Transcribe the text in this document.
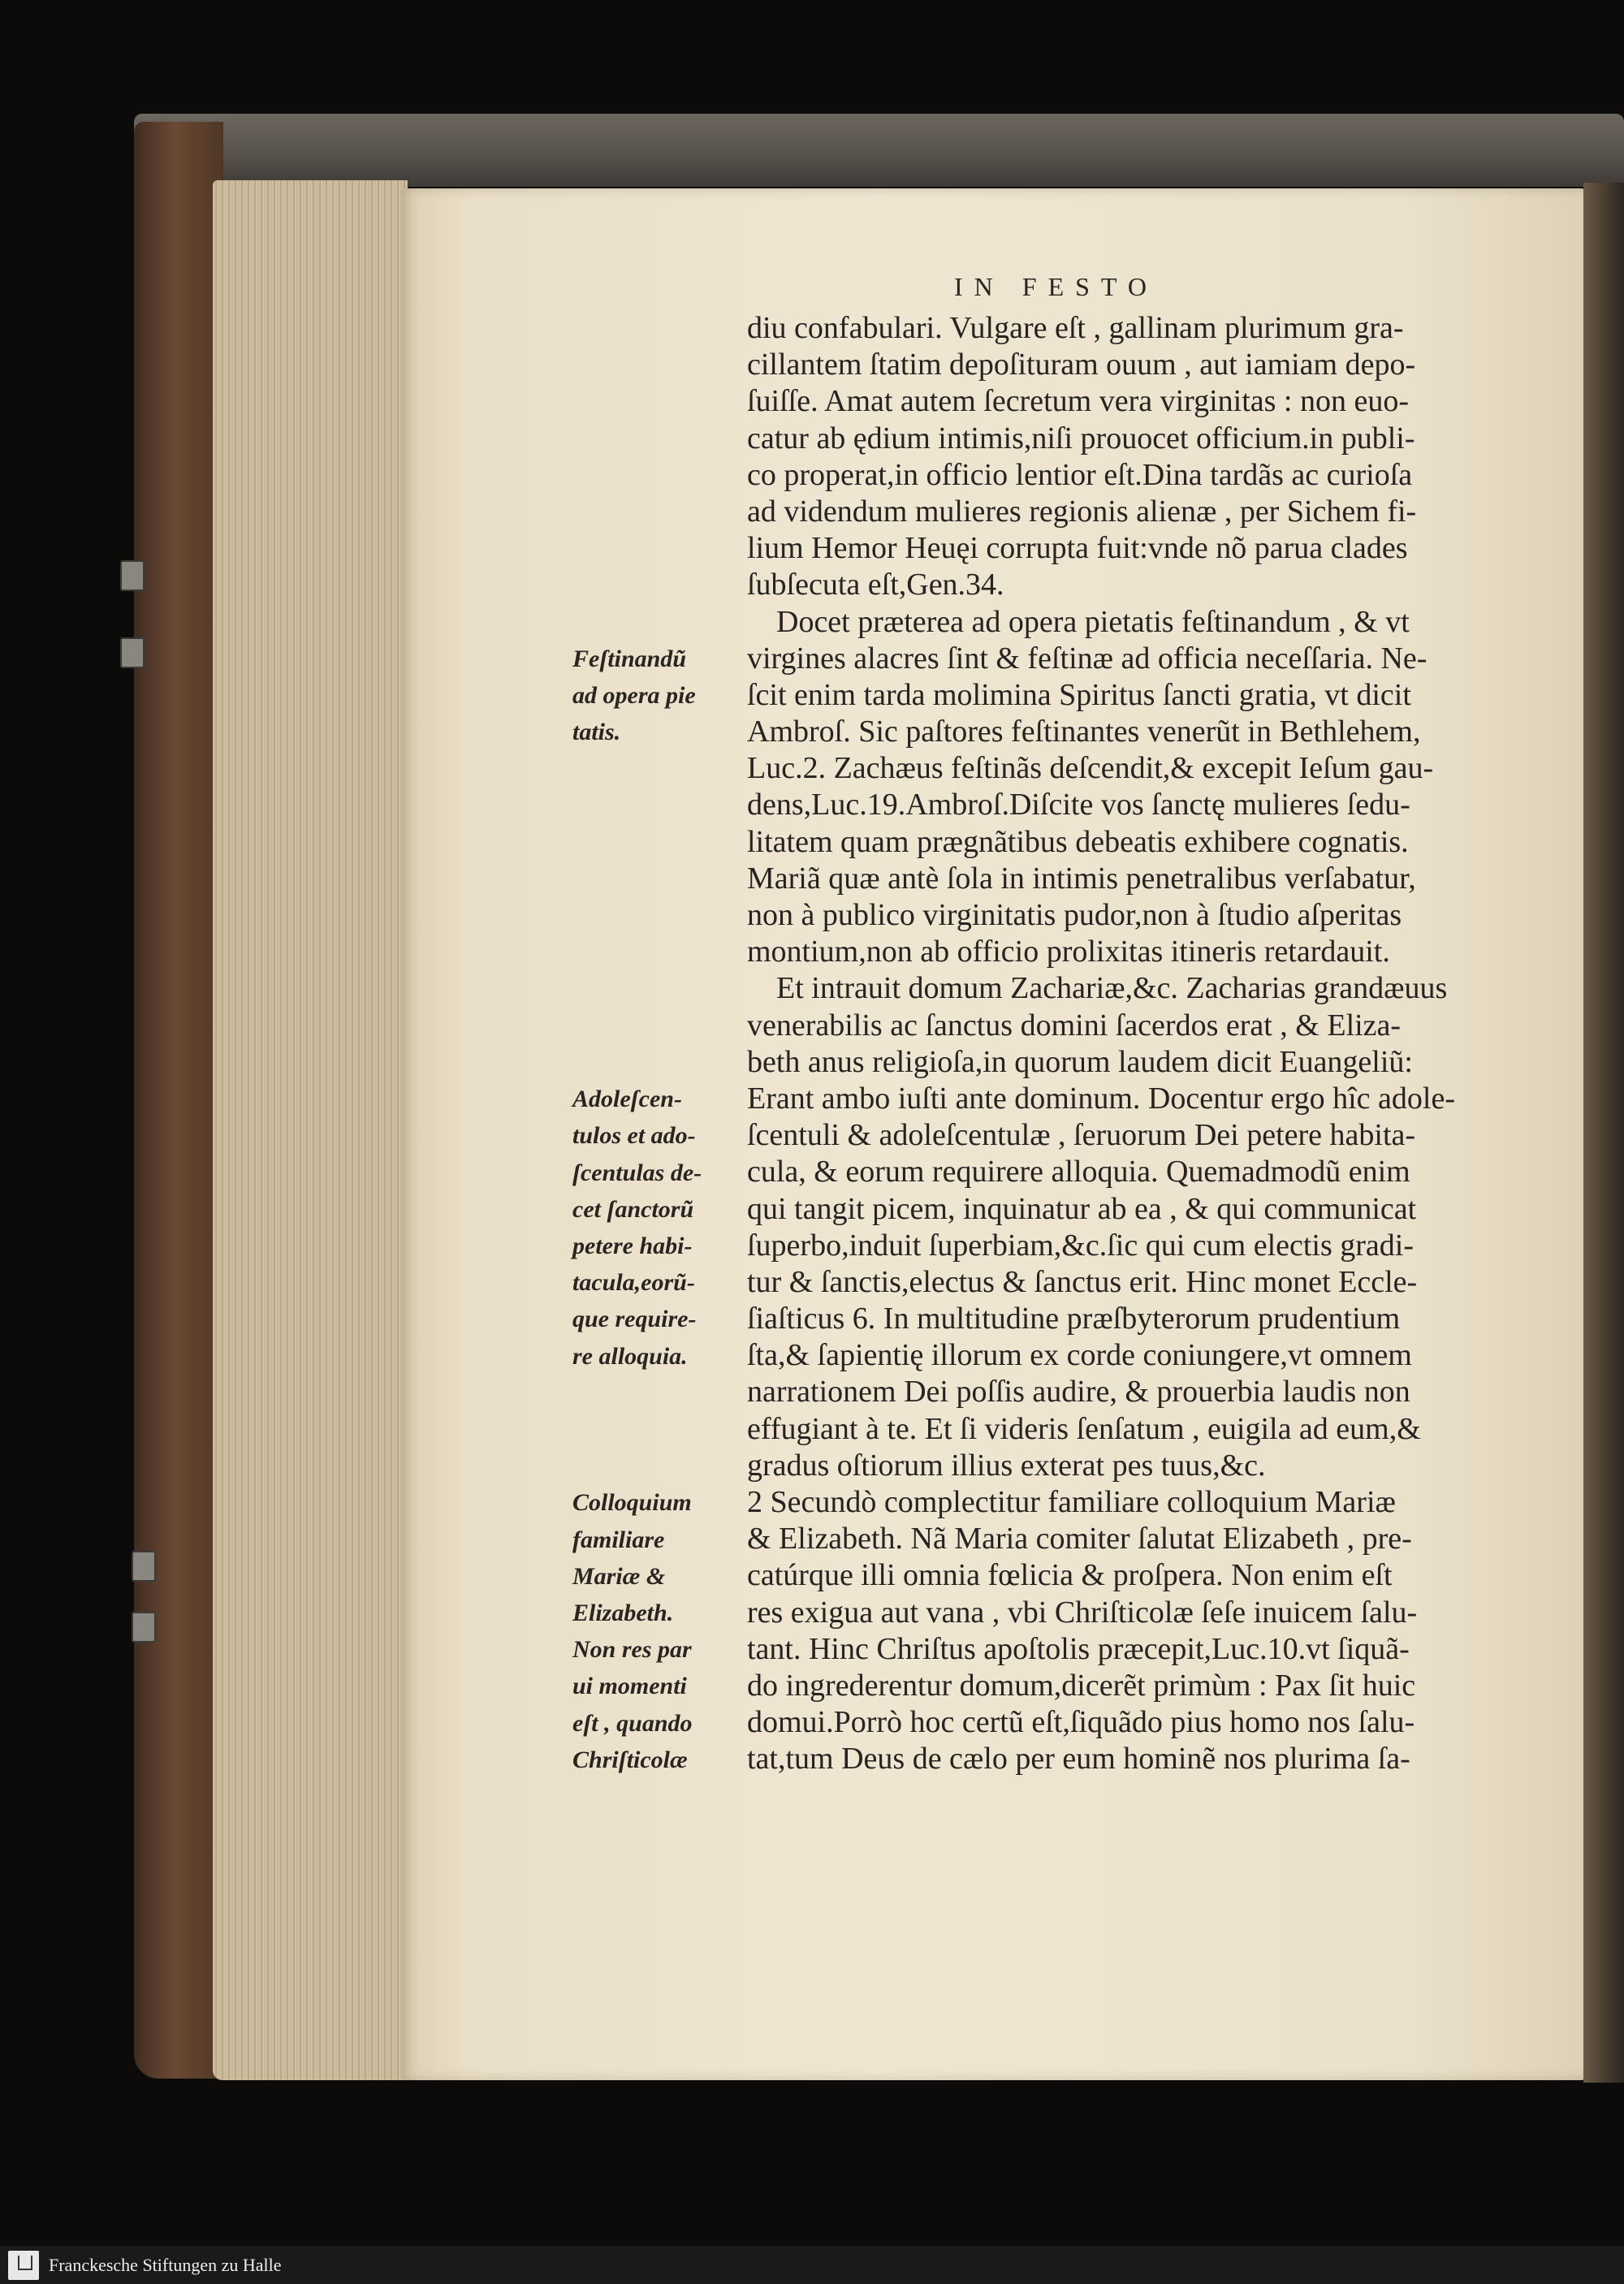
IN FESTO
diu confabulari. Vulgare eſt , gallinam plurimum gra-
cillantem ſtatim depoſituram ouum , aut iamiam depo-
ſuiſſe. Amat autem ſecretum vera virginitas : non euo-
catur ab ędium intimis,niſi prouocet officium.in publi-
co properat,in officio lentior eſt.Dina tardãs ac curioſa
ad videndum mulieres regionis alienæ , per Sichem fi-
lium Hemor Heuęi corrupta fuit:vnde nõ parua clades
ſubſecuta eſt,Gen.34.
Docet præterea ad opera pietatis feſtinandum , & vt
virgines alacres ſint & feſtinæ ad officia neceſſaria. Ne-
ſcit enim tarda molimina Spiritus ſancti gratia, vt dicit
Ambroſ. Sic paſtores feſtinantes venerũt in Bethlehem,
Luc.2. Zachæus feſtinãs deſcendit,& excepit Ieſum gau-
dens,Luc.19.Ambroſ.Diſcite vos ſanctę mulieres ſedu-
litatem quam prægnãtibus debeatis exhibere cognatis.
Mariã quæ antè ſola in intimis penetralibus verſabatur,
non à publico virginitatis pudor,non à ſtudio aſperitas
montium,non ab officio prolixitas itineris retardauit.
Et intrauit domum Zachariæ,&c. Zacharias grandæuus
venerabilis ac ſanctus domini ſacerdos erat , & Eliza-
beth anus religioſa,in quorum laudem dicit Euangeliũ:
Erant ambo iuſti ante dominum. Docentur ergo hîc adole-
ſcentuli & adoleſcentulæ , ſeruorum Dei petere habita-
cula, & eorum requirere alloquia. Quemadmodũ enim
qui tangit picem, inquinatur ab ea , & qui communicat
ſuperbo,induit ſuperbiam,&c.ſic qui cum electis gradi-
tur & ſanctis,electus & ſanctus erit. Hinc monet Eccle-
ſiaſticus 6. In multitudine præſbyterorum prudentium
ſta,& ſapientię illorum ex corde coniungere,vt omnem
narrationem Dei poſſis audire, & prouerbia laudis non
effugiant à te. Et ſi videris ſenſatum , euigila ad eum,&
gradus oſtiorum illius exterat pes tuus,&c.
2 Secundò complectitur familiare colloquium Mariæ
& Elizabeth. Nã Maria comiter ſalutat Elizabeth , pre-
catúrque illi omnia fœlicia & proſpera. Non enim eſt
res exigua aut vana , vbi Chriſticolæ ſeſe inuicem ſalu-
tant. Hinc Chriſtus apoſtolis præcepit,Luc.10.vt ſiquã-
do ingrederentur domum,dicerẽt primùm : Pax ſit huic
domui.Porrò hoc certũ eſt,ſiquãdo pius homo nos ſalu-
tat,tum Deus de cælo per eum hominẽ nos plurima ſa-
Feſtinandũ
ad opera pie
tatis.
Adoleſcen-
tulos et ado-
ſcentulas de-
cet ſanctorũ
petere habi-
tacula,eorũ-
que require-
re alloquia.
Colloquium
familiare
Mariæ &
Elizabeth.
Non res par
ui momenti
eſt , quando
Chriſticolæ
Franckesche Stiftungen zu Halle
